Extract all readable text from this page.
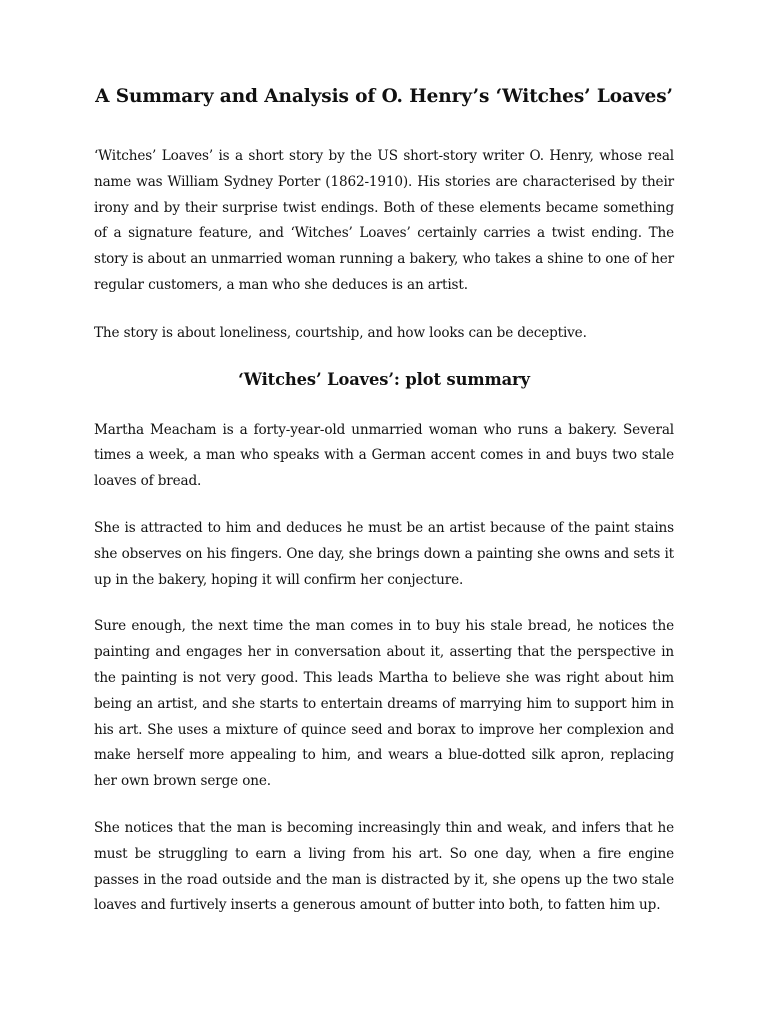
A Summary and Analysis of O. Henry’s ‘Witches’ Loaves’

‘Witches’ Loaves’ is a short story by the US short-story writer O. Henry, whose real name was William Sydney Porter (1862-1910). His stories are characterised by their irony and by their surprise twist endings. Both of these elements became something of a signature feature, and ‘Witches’ Loaves’ certainly carries a twist ending. The story is about an unmarried woman running a bakery, who takes a shine to one of her regular customers, a man who she deduces is an artist.

The story is about loneliness, courtship, and how looks can be deceptive.

‘Witches’ Loaves’: plot summary

Martha Meacham is a forty-year-old unmarried woman who runs a bakery. Several times a week, a man who speaks with a German accent comes in and buys two stale loaves of bread.

She is attracted to him and deduces he must be an artist because of the paint stains she observes on his fingers. One day, she brings down a painting she owns and sets it up in the bakery, hoping it will confirm her conjecture.

Sure enough, the next time the man comes in to buy his stale bread, he notices the painting and engages her in conversation about it, asserting that the perspective in the painting is not very good. This leads Martha to believe she was right about him being an artist, and she starts to entertain dreams of marrying him to support him in his art. She uses a mixture of quince seed and borax to improve her complexion and make herself more appealing to him, and wears a blue-dotted silk apron, replacing her own brown serge one.

She notices that the man is becoming increasingly thin and weak, and infers that he must be struggling to earn a living from his art. So one day, when a fire engine passes in the road outside and the man is distracted by it, she opens up the two stale loaves and furtively inserts a generous amount of butter into both, to fatten him up.
